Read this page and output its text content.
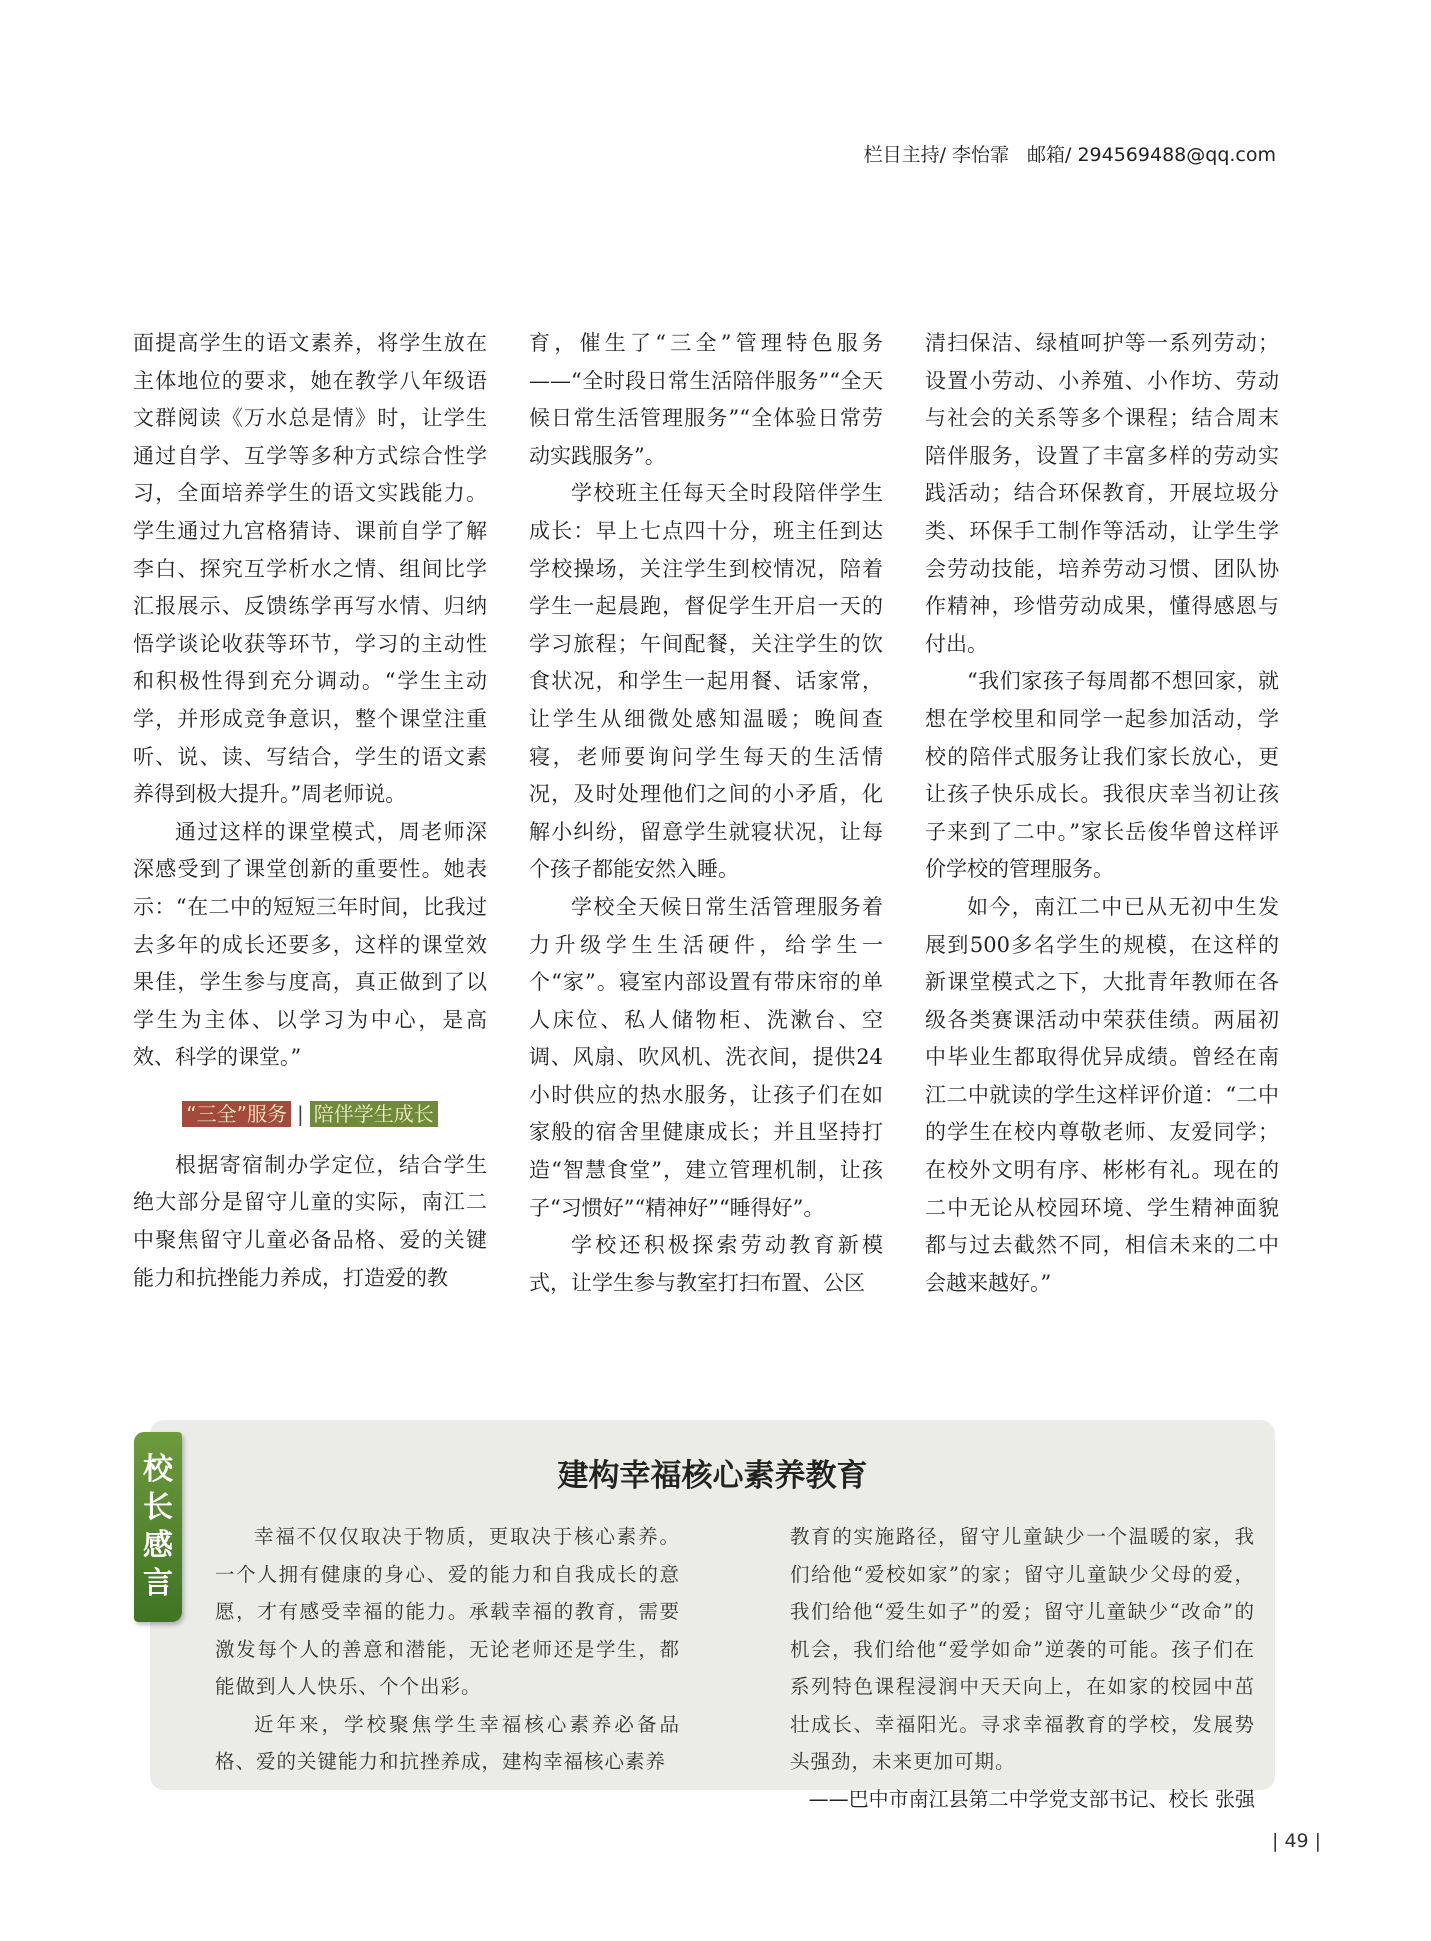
栏目主持/ 李怡霏 邮箱/ 294569488@qq.com

面提高学生的语文素养，将学生放在主体地位的要求，她在教学八年级语文群阅读《万水总是情》时，让学生通过自学、互学等多种方式综合性学习，全面培养学生的语文实践能力。学生通过九宫格猜诗、课前自学了解李白、探究互学析水之情、组间比学汇报展示、反馈练学再写水情、归纳悟学谈论收获等环节，学习的主动性和积极性得到充分调动。“学生主动学，并形成竞争意识，整个课堂注重听、说、读、写结合，学生的语文素养得到极大提升。”周老师说。

通过这样的课堂模式，周老师深深感受到了课堂创新的重要性。她表示：“在二中的短短三年时间，比我过去多年的成长还要多，这样的课堂效果佳，学生参与度高，真正做到了以学生为主体、以学习为中心，是高效、科学的课堂。”

“三全”服务 | 陪伴学生成长

根据寄宿制办学定位，结合学生绝大部分是留守儿童的实际，南江二中聚焦留守儿童必备品格、爱的关键能力和抗挫能力养成，打造爱的教

育，催生了“三全”管理特色服务——“全时段日常生活陪伴服务”“全天候日常生活管理服务”“全体验日常劳动实践服务”。

学校班主任每天全时段陪伴学生成长：早上七点四十分，班主任到达学校操场，关注学生到校情况，陪着学生一起晨跑，督促学生开启一天的学习旅程；午间配餐，关注学生的饮食状况，和学生一起用餐、话家常，让学生从细微处感知温暖；晚间查寝，老师要询问学生每天的生活情况，及时处理他们之间的小矛盾，化解小纠纷，留意学生就寝状况，让每个孩子都能安然入睡。

学校全天候日常生活管理服务着力升级学生生活硬件，给学生一个“家”。寝室内部设置有带床帘的单人床位、私人储物柜、洗漱台、空调、风扇、吹风机、洗衣间，提供24小时供应的热水服务，让孩子们在如家般的宿舍里健康成长；并且坚持打造“智慧食堂”，建立管理机制，让孩子“习惯好”“精神好”“睡得好”。

学校还积极探索劳动教育新模式，让学生参与教室打扫布置、公区

清扫保洁、绿植呵护等一系列劳动；设置小劳动、小养殖、小作坊、劳动与社会的关系等多个课程；结合周末陪伴服务，设置了丰富多样的劳动实践活动；结合环保教育，开展垃圾分类、环保手工制作等活动，让学生学会劳动技能，培养劳动习惯、团队协作精神，珍惜劳动成果，懂得感恩与付出。

“我们家孩子每周都不想回家，就想在学校里和同学一起参加活动，学校的陪伴式服务让我们家长放心，更让孩子快乐成长。我很庆幸当初让孩子来到了二中。”家长岳俊华曾这样评价学校的管理服务。

如今，南江二中已从无初中生发展到500多名学生的规模，在这样的新课堂模式之下，大批青年教师在各级各类赛课活动中荣获佳绩。两届初中毕业生都取得优异成绩。曾经在南江二中就读的学生这样评价道：“二中的学生在校内尊敬老师、友爱同学；在校外文明有序、彬彬有礼。现在的二中无论从校园环境、学生精神面貌都与过去截然不同，相信未来的二中会越来越好。”

校
长
感
言
建构幸福核心素养教育

幸福不仅仅取决于物质，更取决于核心素养。一个人拥有健康的身心、爱的能力和自我成长的意愿，才有感受幸福的能力。承载幸福的教育，需要激发每个人的善意和潜能，无论老师还是学生，都能做到人人快乐、个个出彩。

近年来，学校聚焦学生幸福核心素养必备品格、爱的关键能力和抗挫养成，建构幸福核心素养

教育的实施路径，留守儿童缺少一个温暖的家，我们给他“爱校如家”的家；留守儿童缺少父母的爱，我们给他“爱生如子”的爱；留守儿童缺少“改命”的机会，我们给他“爱学如命”逆袭的可能。孩子们在系列特色课程浸润中天天向上，在如家的校园中茁壮成长、幸福阳光。寻求幸福教育的学校，发展势头强劲，未来更加可期。

——巴中市南江县第二中学党支部书记、校长 张强

| 49 |
